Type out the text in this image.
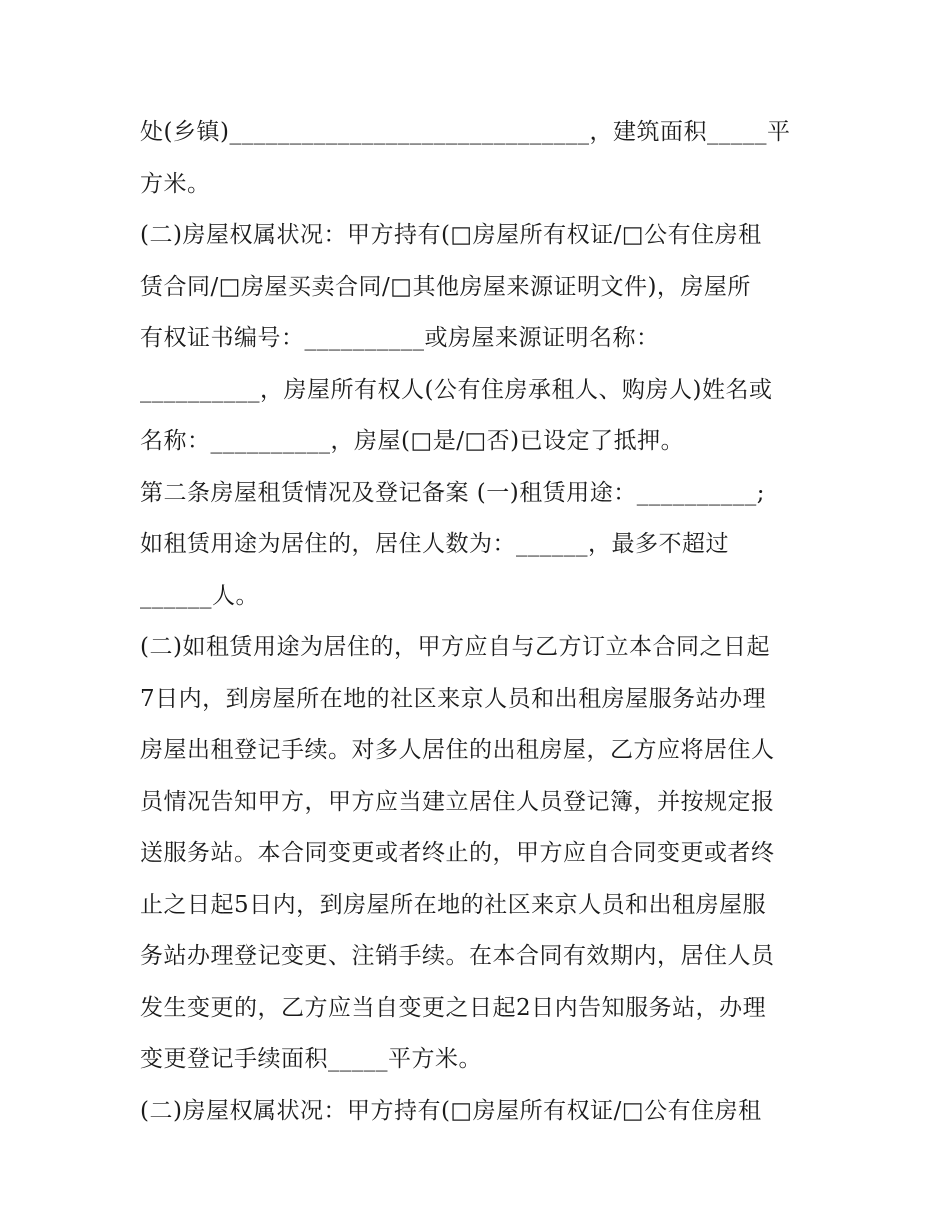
处(乡镇)______________________________，建筑面积_____平
方米。
(二)房屋权属状况：甲方持有(□房屋所有权证/□公有住房租
赁合同/□房屋买卖合同/□其他房屋来源证明文件)，房屋所
有权证书编号：__________或房屋来源证明名称：
__________，房屋所有权人(公有住房承租人、购房人)姓名或
名称：__________，房屋(□是/□否)已设定了抵押。
第二条房屋租赁情况及登记备案 (一)租赁用途：__________;
如租赁用途为居住的，居住人数为：______，最多不超过
______人。
(二)如租赁用途为居住的，甲方应自与乙方订立本合同之日起
7日内，到房屋所在地的社区来京人员和出租房屋服务站办理
房屋出租登记手续。对多人居住的出租房屋，乙方应将居住人
员情况告知甲方，甲方应当建立居住人员登记簿，并按规定报
送服务站。本合同变更或者终止的，甲方应自合同变更或者终
止之日起5日内，到房屋所在地的社区来京人员和出租房屋服
务站办理登记变更、注销手续。在本合同有效期内，居住人员
发生变更的，乙方应当自变更之日起2日内告知服务站，办理
变更登记手续面积_____平方米。
(二)房屋权属状况：甲方持有(□房屋所有权证/□公有住房租
